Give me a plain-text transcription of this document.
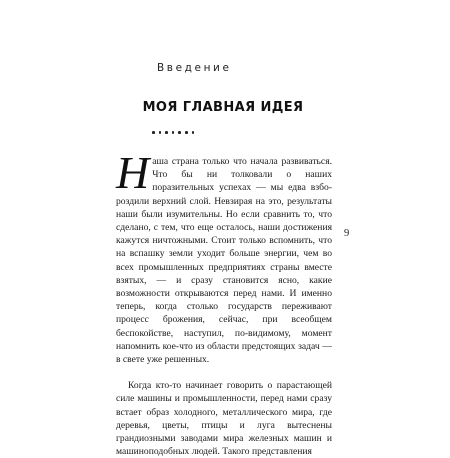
Введение
МОЯ ГЛАВНАЯ ИДЕЯ

Наша страна только что начала развиваться. Что бы ни толковали о наших поразительных успехах — мы едва взбороздили верхний слой. Невзирая на это, результаты наши были изумительны. Но если сравнить то, что сделано, с тем, что еще осталось, наши достижения кажутся ничтожными. Стоит только вспомнить, что на вспашку земли уходит больше энергии, чем во всех промышленных предприятиях страны вместе взятых, — и сразу становится ясно, какие возможности открываются перед нами. И именно теперь, когда столько государств переживают процесс брожения, сейчас, при всеобщем беспокойстве, наступил, по-видимому, момент напомнить кое-что из области предстоящих задач — в свете уже решенных.

Когда кто-то начинает говорить о парастающей силе машины и промышленности, перед нами сразу встает образ холодного, металлического мира, где деревья, цветы, птицы и луга вытеснены грандиозными заводами мира железных машин и машиноподобных людей. Такого представления

9
